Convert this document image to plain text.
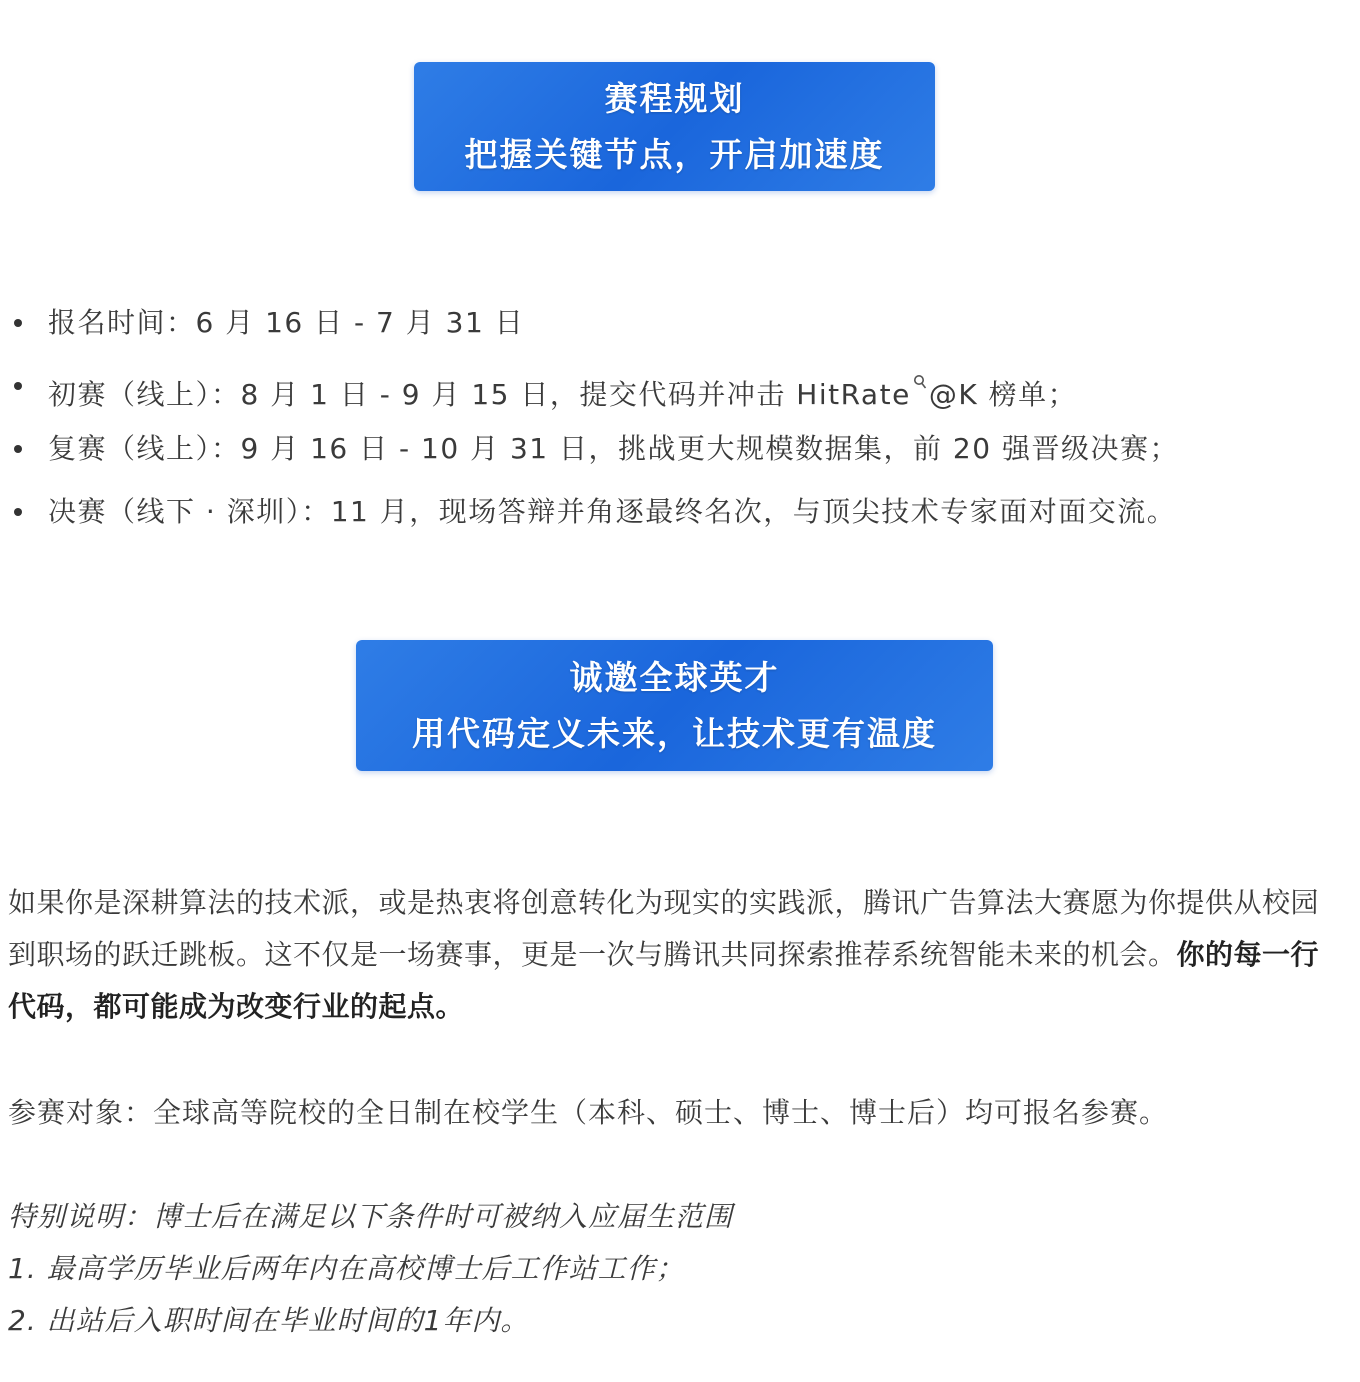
赛程规划
把握关键节点，开启加速度
报名时间：6 月 16 日 - 7 月 31 日
初赛（线上）：8 月 1 日 - 9 月 15 日，提交代码并冲击 HitRate @K 榜单；
复赛（线上）：9 月 16 日 - 10 月 31 日，挑战更大规模数据集，前 20 强晋级决赛；
决赛（线下 · 深圳）：11 月，现场答辩并角逐最终名次，与顶尖技术专家面对面交流。
诚邀全球英才
用代码定义未来，让技术更有温度

如果你是深耕算法的技术派，或是热衷将创意转化为现实的实践派，腾讯广告算法大赛愿为你提供从校园到职场的跃迁跳板。这不仅是一场赛事，更是一次与腾讯共同探索推荐系统智能未来的机会。你的每一行代码，都可能成为改变行业的起点。

参赛对象：全球高等院校的全日制在校学生（本科、硕士、博士、博士后）均可报名参赛。

特别说明：博士后在满足以下条件时可被纳入应届生范围
1. 最高学历毕业后两年内在高校博士后工作站工作；
2. 出站后入职时间在毕业时间的1年内。
